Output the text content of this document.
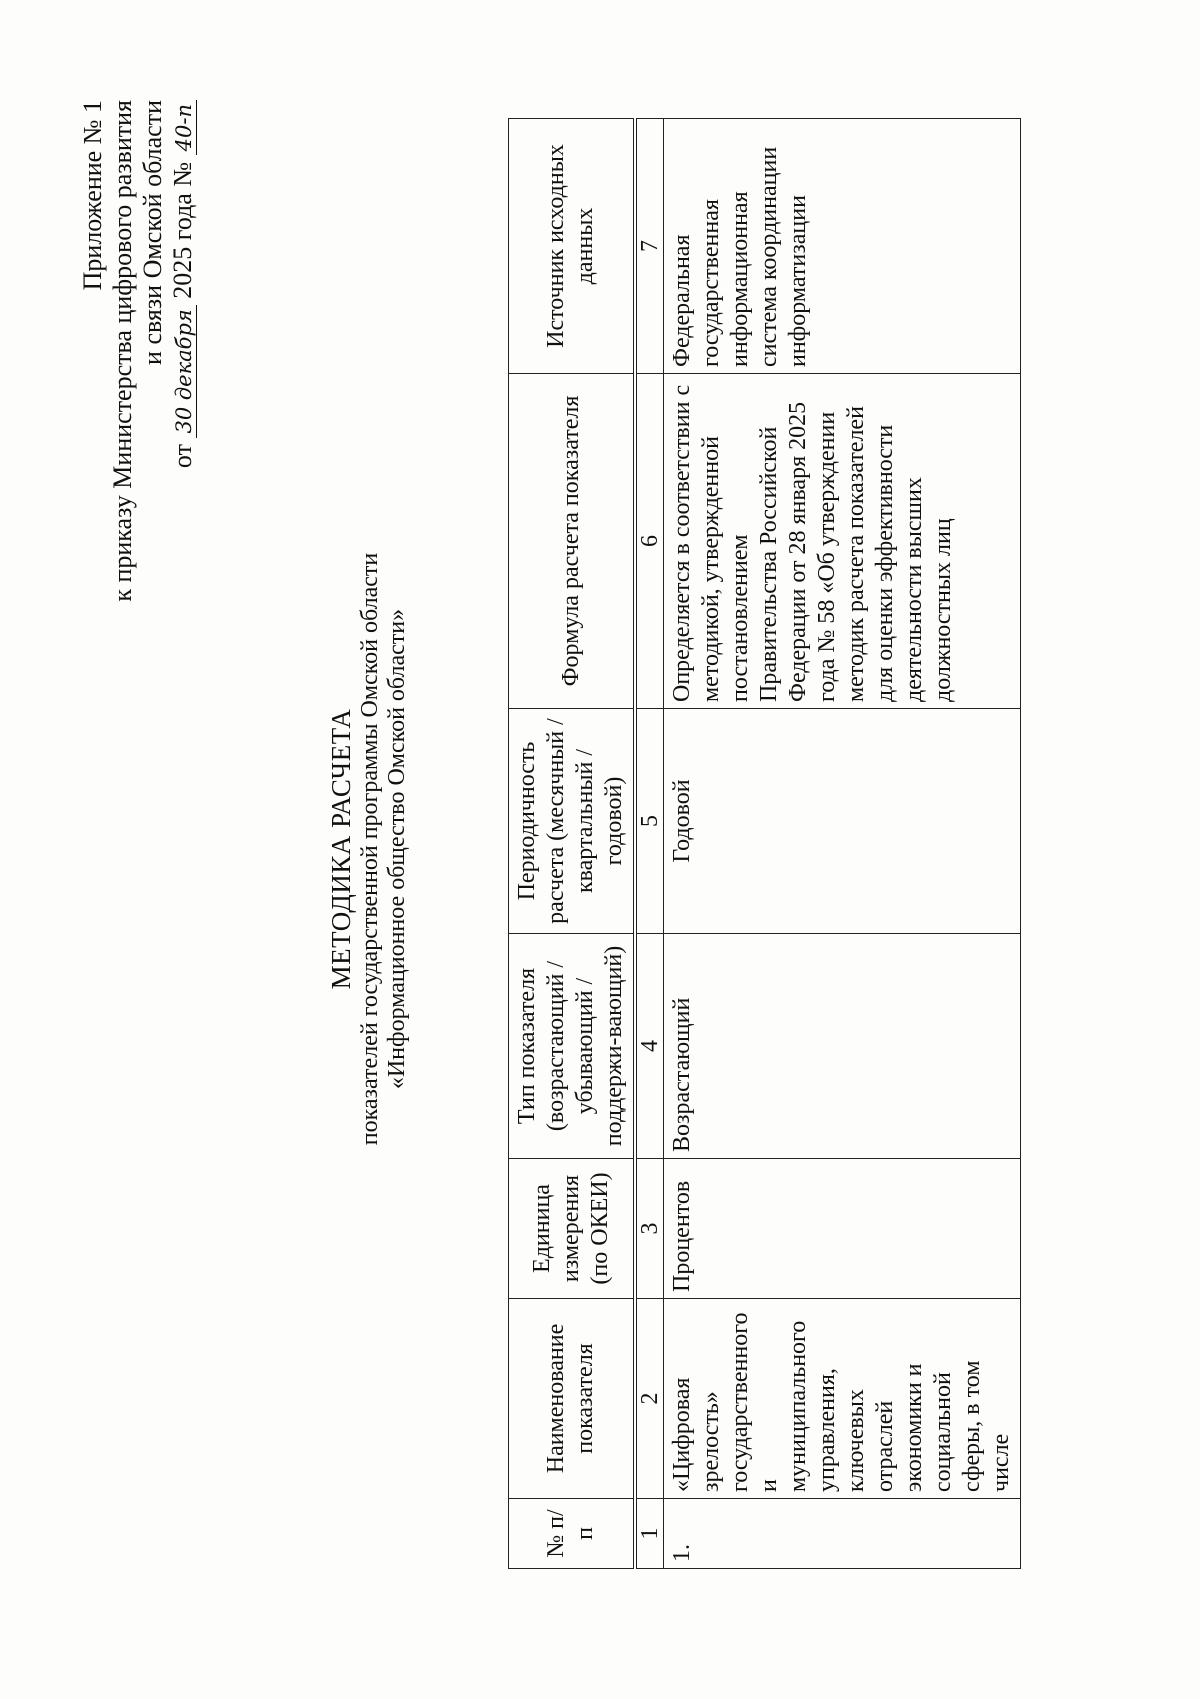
Приложение № 1 к приказу Министерства цифрового развития и связи Омской области
от 30 декабря 2025 года № 40-п
МЕТОДИКА РАСЧЕТА показателей государственной программы Омской области «Информационное общество Омской области»
№ п/п	Наименование показателя	Единица измерения (по ОКЕИ)	Тип показателя (возрастающий / убывающий / поддержи-вающий)	Периодичность расчета (месячный / квартальный / годовой)	Формула расчета показателя	Источник исходных данных
1	2	3	4	5	6	7
1.	«Цифровая зрелость» государственного и муниципального управления, ключевых отраслей экономики и социальной сферы, в том числе	Процентов	Возрастающий	Годовой	Определяется в соответствии с методикой, утвержденной постановлением Правительства Российской Федерации от 28 января 2025 года № 58 «Об утверждении методик расчета показателей для оценки эффективности деятельности высших должностных лиц	Федеральная государственная информационная система координации информатизации
